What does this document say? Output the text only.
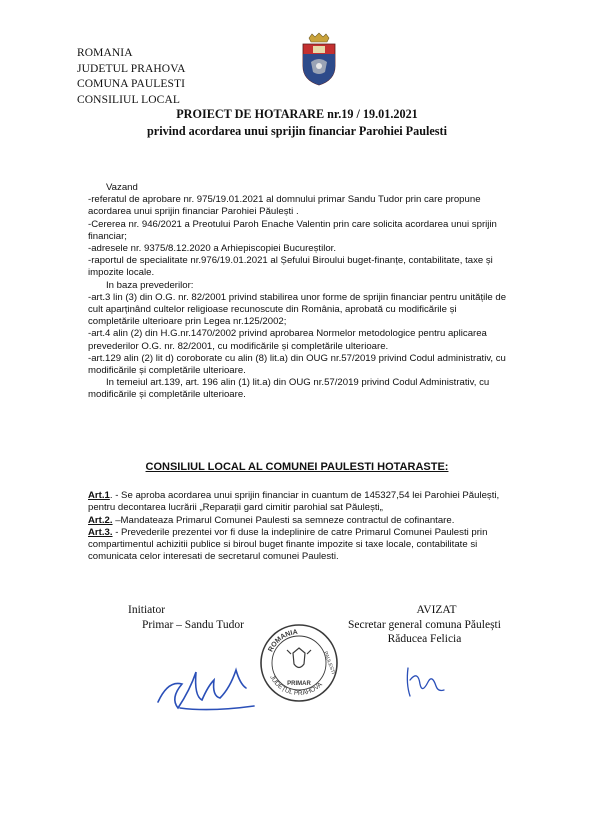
ROMANIA
JUDETUL PRAHOVA
COMUNA PAULESTI
CONSILIUL LOCAL
PROIECT DE HOTARARE nr.19 / 19.01.2021
privind acordarea unui sprijin financiar Parohiei Paulesti

Vazand

-referatul de aprobare nr. 975/19.01.2021 al domnului primar Sandu Tudor prin care propune acordarea unui sprijin financiar Parohiei Păulești .

-Cererea nr. 946/2021 a Preotului Paroh Enache Valentin prin care solicita acordarea unui sprijin financiar;

-adresele nr. 9375/8.12.2020 a Arhiepiscopiei Bucureștilor.

-raportul de specialitate nr.976/19.01.2021 al Șefului Biroului buget-finanțe, contabilitate, taxe și impozite locale.

In baza prevederilor:

-art.3 lin (3) din O.G. nr. 82/2001 privind stabilirea unor forme de sprijin financiar pentru unitățile de cult aparținând cultelor religioase recunoscute din România, aprobată cu modificările și completările ulterioare prin Legea nr.125/2002;

-art.4 alin (2) din H.G.nr.1470/2002 privind aprobarea Normelor metodologice pentru aplicarea prevederilor O.G. nr. 82/2001, cu modificările și completările ulterioare.

-art.129 alin (2) lit d) coroborate cu alin (8) lit.a) din OUG nr.57/2019 privind Codul administrativ, cu modificările și completările ulterioare.

In temeiul art.139, art. 196 alin (1) lit.a) din OUG nr.57/2019 privind Codul Administrativ, cu modificările și completările ulterioare.

CONSILIUL LOCAL AL COMUNEI PAULESTI HOTARASTE:

Art.1. - Se aproba acordarea unui sprijin financiar in cuantum de 145327,54 lei Parohiei Păulești, pentru decontarea lucrării „Reparații gard cimitir parohial sat Păulești„

Art.2. –Mandateaza Primarul Comunei Paulesti sa semneze contractul de cofinantare.

Art.3. - Prevederile prezentei vor fi duse la indeplinire de catre Primarul Comunei Paulesti prin compartimentul achizitii publice si biroul buget finante impozite si taxe locale, contabilitate si comunicata celor interesati de secretarul comunei Paulesti.

Initiator
Primar – Sandu Tudor
AVIZAT
Secretar general comuna Păulești
Răducea Felicia
ROMANIA
JUDEȚUL PRAHOVA
PRIMAR
PAULESTI
